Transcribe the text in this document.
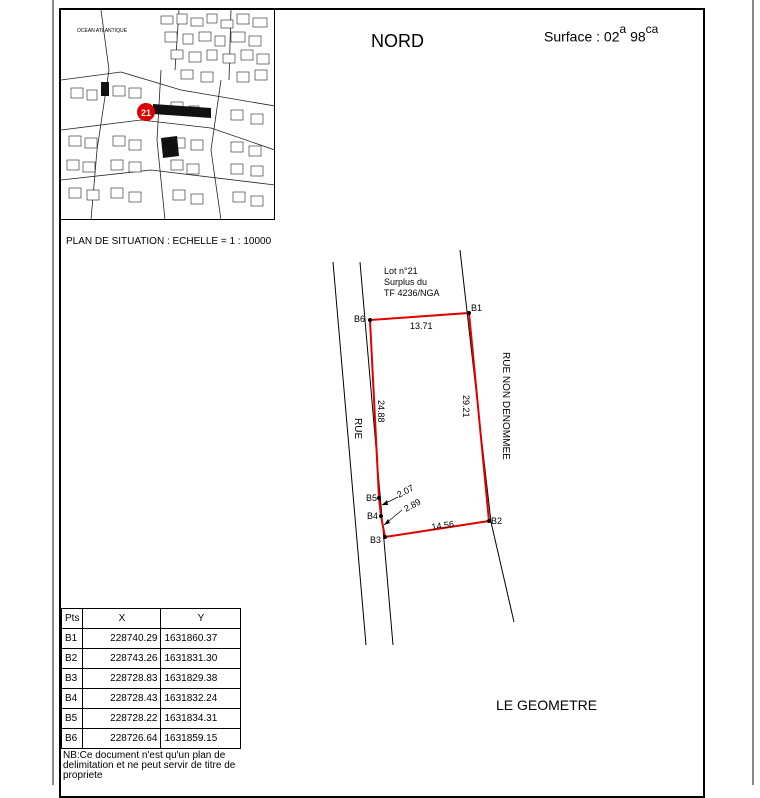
21
OCEAN ATLANTIQUE
PLAN DE SITUATION : ECHELLE = 1 : 10000
NORD	Surface : 02$^a$ $98^{ca}$
RUE	RUE NON DENOMMEE
B1
B2
B3
B4
B5
B6
Lot n°21
Surplus du
TF 4236/NGA
13.71
29.21
14.56
24.88
2.07
2.89
Pts	X	Y
B1	228740.29	1631860.37
B2	228743.26	1631831.30
B3	228728.83	1631829.38
B4	228728.43	1631832.24
B5	228728.22	1631834.31
B6	228726.64	1631859.15
NB:Ce document n'est qu'un plan de delimitation et ne peut servir de titre de propriete
LE GEOMETRE
